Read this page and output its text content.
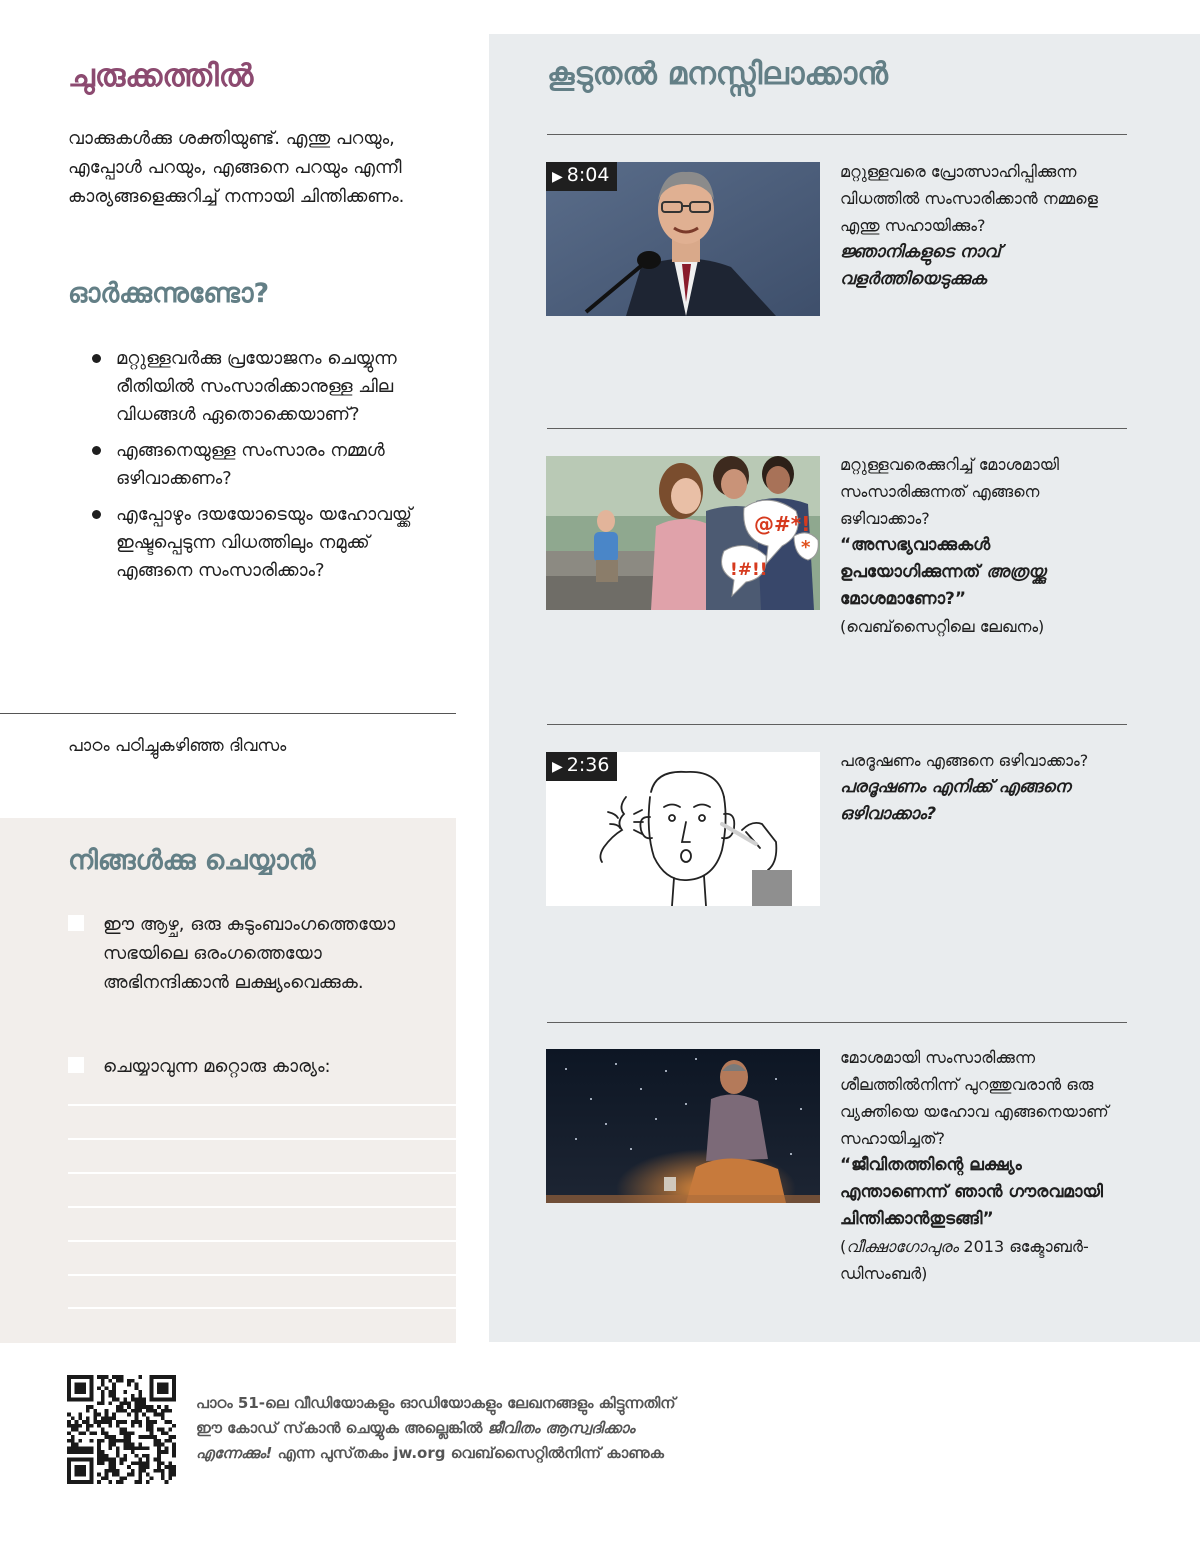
ചുരുക്കത്തിൽ

വാക്കുകൾക്കു ശക്തിയുണ്ട്. എന്തു പറയും, എപ്പോൾ പറയും, എങ്ങനെ പറയും എന്നീ കാര്യങ്ങളെക്കുറിച്ച് നന്നായി ചിന്തിക്കണം.

ഓർക്കുന്നുണ്ടോ?
മറ്റുള്ളവർക്കു പ്രയോജനം ചെയ്യുന്ന രീതിയിൽ സംസാരിക്കാനുള്ള ചില വിധങ്ങൾ ഏതൊക്കെയാണ്?
എങ്ങനെയുള്ള സംസാരം നമ്മൾ ഒഴിവാക്കണം?
എപ്പോഴും ദയയോടെയും യഹോവയ്ക്ക് ഇഷ്ടപ്പെടുന്ന വിധത്തിലും നമുക്ക് എങ്ങനെ സംസാരിക്കാം?
പാഠം പഠിച്ചുകഴിഞ്ഞ ദിവസം
നിങ്ങൾക്കു ചെയ്യാൻ
ഈ ആഴ്ച, ഒരു കുടുംബാംഗത്തെയോ സഭയിലെ ഒരംഗത്തെയോ അഭിനന്ദിക്കാൻ ലക്ഷ്യംവെക്കുക.
ചെയ്യാവുന്ന മറ്റൊരു കാര്യം:
കൂടുതൽ മനസ്സിലാക്കാൻ
▶ 8:04	മറ്റുള്ളവരെ പ്രോത്സാഹിപ്പിക്കുന്ന വിധത്തിൽ സംസാരിക്കാൻ നമ്മളെ എന്തു സഹായിക്കും?

ജ്ഞാനികളുടെ നാവ് വളർത്തിയെടുക്കുക

@#*!
!#!!
*

മറ്റുള്ളവരെക്കുറിച്ച് മോശമായി സംസാരിക്കുന്നത് എങ്ങനെ ഒഴിവാക്കാം?

“അസഭ്യവാക്കുകൾ ഉപയോഗിക്കുന്നത് അത്രയ്ക്കു മോശമാണോ?”

(വെബ്‌സൈറ്റിലെ ലേഖനം)

▶ 2:36	പരദൂഷണം എങ്ങനെ ഒഴിവാക്കാം?

പരദൂഷണം എനിക്ക് എങ്ങനെ ഒഴിവാക്കാം?

മോശമായി സംസാരിക്കുന്ന ശീലത്തിൽനിന്ന് പുറത്തുവരാൻ ഒരു വ്യക്തിയെ യഹോവ എങ്ങനെയാണ് സഹായിച്ചത്?

“ജീവിതത്തിന്റെ ലക്ഷ്യം എന്താണെന്ന് ഞാൻ ഗൗരവമായി ചിന്തിക്കാൻതുടങ്ങി”

(വീക്ഷാഗോപുരം 2013 ഒക്ടോബർ-ഡിസംബർ)

പാഠം 51-ലെ വീഡിയോകളും ഓഡിയോകളും ലേഖനങ്ങളും കിട്ടുന്നതിന് ഈ കോഡ് സ്‌കാൻ ചെയ്യുക അല്ലെങ്കിൽ ജീവിതം ആസ്വദിക്കാം എന്നേക്കും! എന്ന പുസ്‌തകം jw.org വെബ്‌സൈറ്റിൽനിന്ന് കാണുക
